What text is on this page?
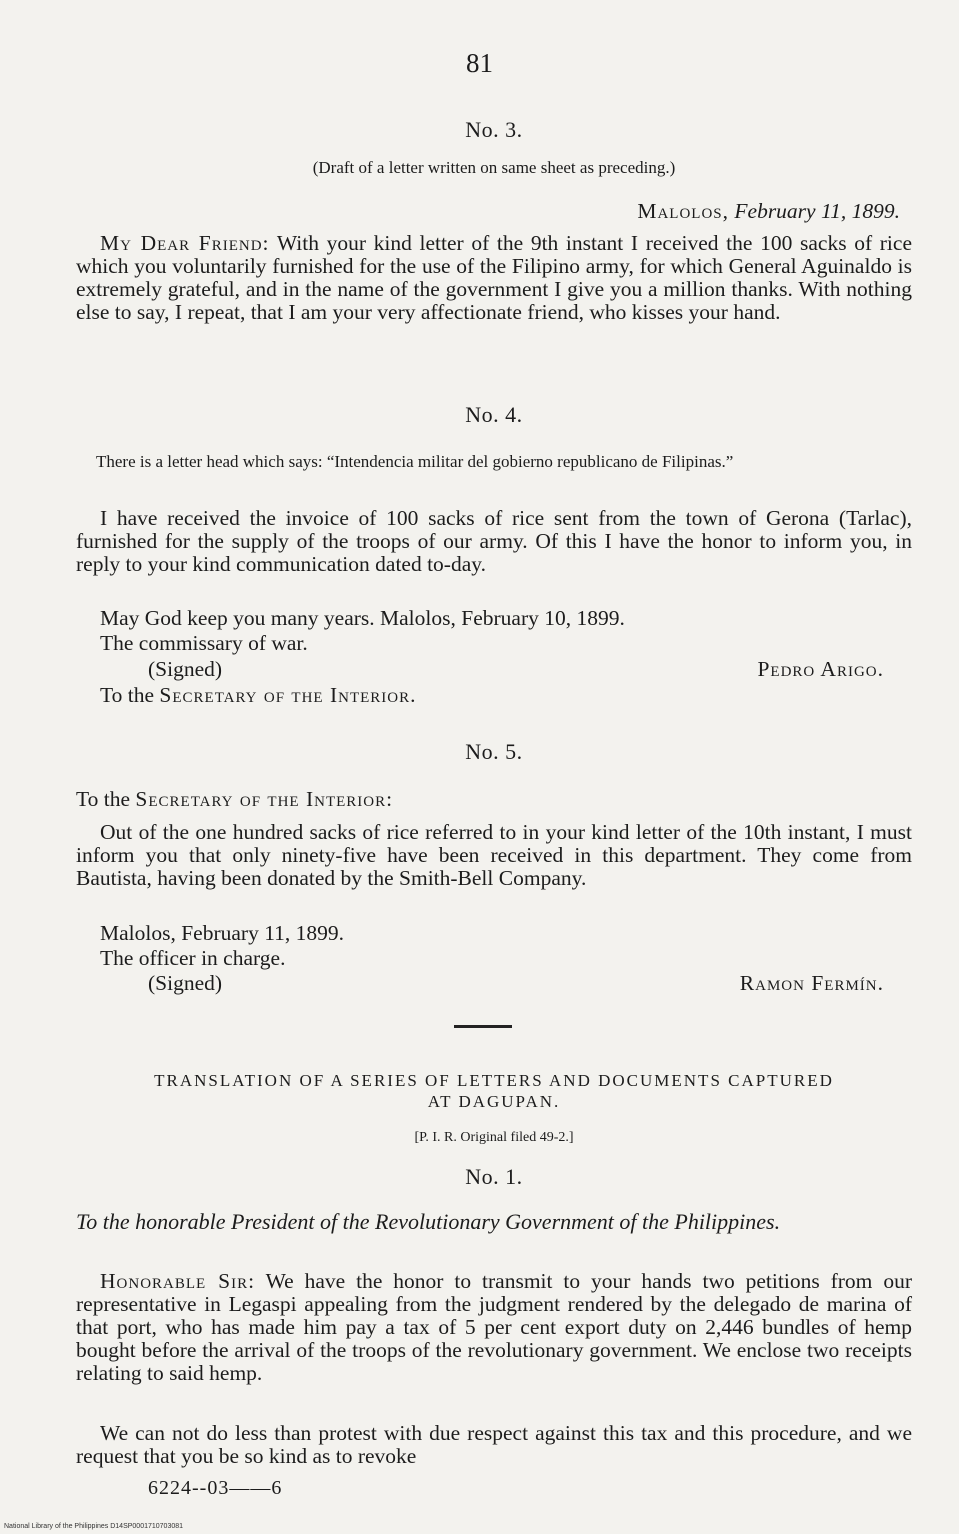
81
No. 3.
(Draft of a letter written on same sheet as preceding.)
Malolos, February 11, 1899.
My Dear Friend: With your kind letter of the 9th instant I received the 100 sacks of rice which you voluntarily furnished for the use of the Filipino army, for which General Aguinaldo is extremely grateful, and in the name of the government I give you a million thanks. With nothing else to say, I repeat, that I am your very affectionate friend, who kisses your hand.
No. 4.
There is a letter head which says: “Intendencia militar del gobierno republicano de Filipinas.”
I have received the invoice of 100 sacks of rice sent from the town of Gerona (Tarlac), furnished for the supply of the troops of our army. Of this I have the honor to inform you, in reply to your kind communication dated to-day.
May God keep you many years. Malolos, February 10, 1899.
The commissary of war.
(Signed)	Pedro Arigo.
To the Secretary of the Interior.
No. 5.
To the Secretary of the Interior:
Out of the one hundred sacks of rice referred to in your kind letter of the 10th instant, I must inform you that only ninety-five have been received in this department. They come from Bautista, having been donated by the Smith-Bell Company.
Malolos, February 11, 1899.
The officer in charge.
(Signed)	Ramon Fermín.
TRANSLATION OF A SERIES OF LETTERS AND DOCUMENTS CAPTURED
AT DAGUPAN.
[P. I. R. Original filed 49-2.]
No. 1.
To the honorable President of the Revolutionary Government of the Philippines.
Honorable Sir: We have the honor to transmit to your hands two petitions from our representative in Legaspi appealing from the judgment rendered by the delegado de marina of that port, who has made him pay a tax of 5 per cent export duty on 2,446 bundles of hemp bought before the arrival of the troops of the revolutionary government. We enclose two receipts relating to said hemp.
We can not do less than protest with due respect against this tax and this procedure, and we request that you be so kind as to revoke
6224--03——6
National Library of the Philippines D14SP0001710703081
